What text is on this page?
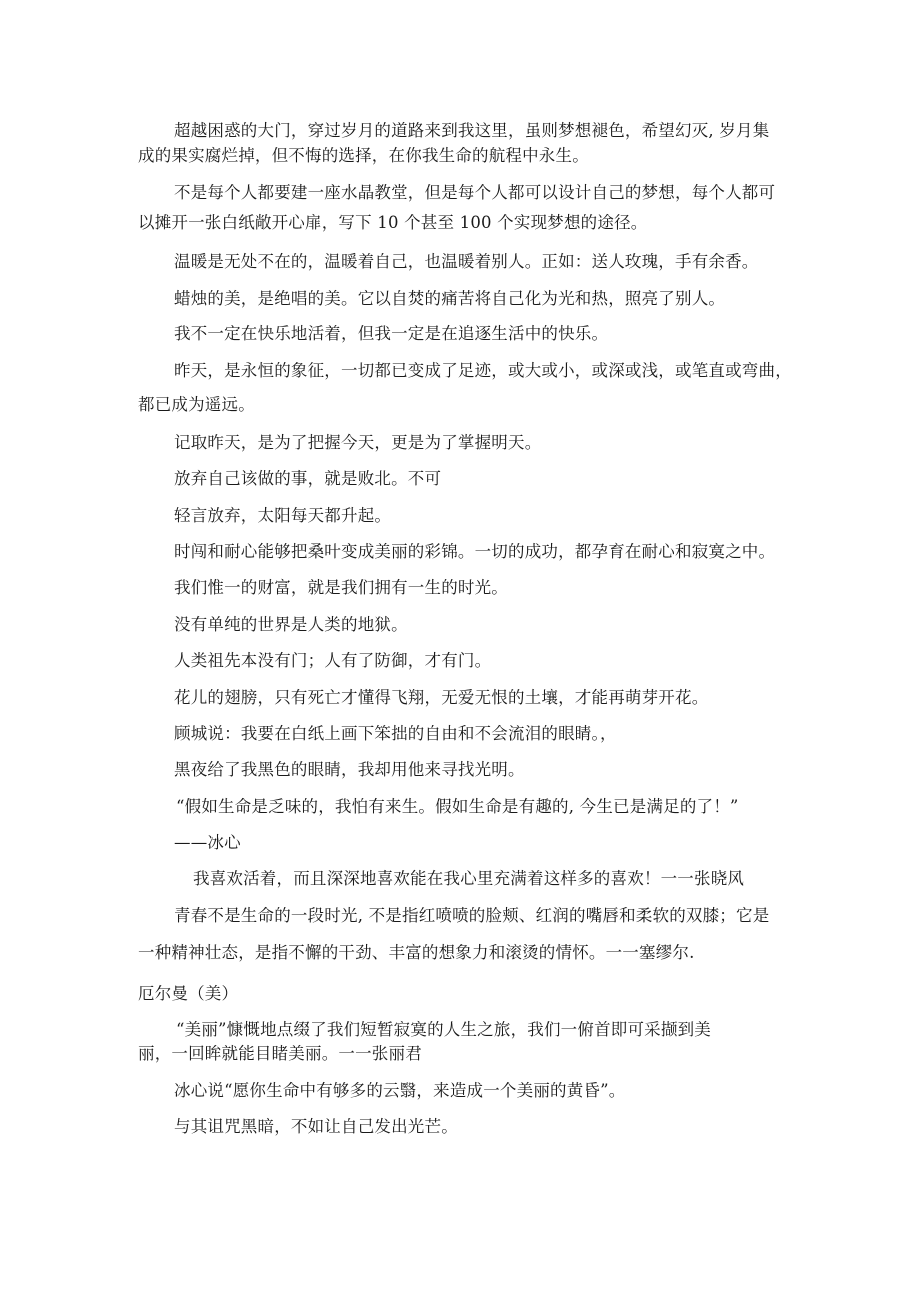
超越困惑的大门，穿过岁月的道路来到我这里，虽则梦想褪色，希望幻灭, 岁月集
成的果实腐烂掉，但不悔的选择，在你我生命的航程中永生。
不是每个人都要建一座水晶教堂，但是每个人都可以设计自己的梦想，每个人都可
以摊开一张白纸敞开心扉，写下 10 个甚至 100 个实现梦想的途径。
温暖是无处不在的，温暖着自己，也温暖着别人。正如：送人玫瑰，手有余香。
蜡烛的美，是绝唱的美。它以自焚的痛苦将自己化为光和热，照亮了别人。
我不一定在快乐地活着，但我一定是在追逐生活中的快乐。
昨天，是永恒的象征，一切都已变成了足迹，或大或小，或深或浅，或笔直或弯曲，
都已成为遥远。
记取昨天，是为了把握今天，更是为了掌握明天。
放弃自己该做的事，就是败北。不可
轻言放弃，太阳每天都升起。
时闯和耐心能够把桑叶变成美丽的彩锦。一切的成功，都孕育在耐心和寂寞之中。
我们惟一的财富，就是我们拥有一生的时光。
没有单纯的世界是人类的地狱。
人类祖先本没有门；人有了防御，才有门。
花儿的翅膀，只有死亡才懂得飞翔，无爱无恨的土壤，才能再萌芽开花。
顾城说：我要在白纸上画下笨拙的自由和不会流泪的眼睛。，
黑夜给了我黑色的眼睛，我却用他来寻找光明。
“假如生命是乏味的，我怕有来生。假如生命是有趣的, 今生已是满足的了！”
——冰心
我喜欢活着，而且深深地喜欢能在我心里充满着这样多的喜欢！一一张晓风
青春不是生命的一段时光, 不是指红喷喷的脸颊、红润的嘴唇和柔软的双膝；它是
一种精神壮态，是指不懈的干劲、丰富的想象力和滚烫的情怀。一一塞缪尔.
厄尔曼（美）
“美丽”慷慨地点缀了我们短暂寂寞的人生之旅，我们一俯首即可采撷到美
丽，一回眸就能目睹美丽。一一张丽君
冰心说“愿你生命中有够多的云翳，来造成一个美丽的黄昏”。
与其诅咒黑暗，不如让自己发出光芒。
